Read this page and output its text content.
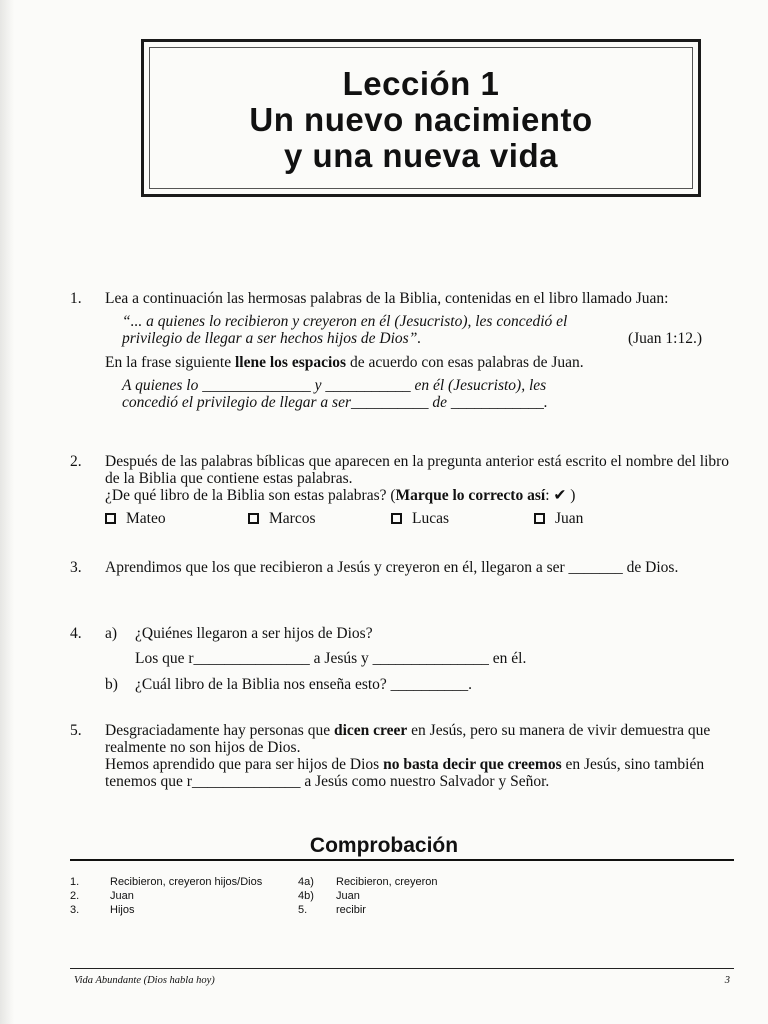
Lección 1
Un nuevo nacimiento
y una nueva vida
1. Lea a continuación las hermosas palabras de la Biblia, contenidas en el libro llamado Juan:

“... a quienes lo recibieron y creyeron en él (Jesucristo), les concedió el

privilegio de llegar a ser hechos hijos de Dios”.	(Juan 1:12.)

En la frase siguiente llene los espacios de acuerdo con esas palabras de Juan.

A quienes lo ______________ y ___________ en él (Jesucristo), les

concedió el privilegio de llegar a ser__________ de ____________.

2. Después de las palabras bíblicas que aparecen en la pregunta anterior está escrito el nombre del libro de la Biblia que contiene estas palabras.

¿De qué libro de la Biblia son estas palabras? (Marque lo correcto así: ✔ )

Mateo	Marcos	Lucas	Juan
3. Aprendimos que los que recibieron a Jesús y creyeron en él, llegaron a ser _______ de Dios.

4. a) ¿Quiénes llegaron a ser hijos de Dios?
Los que r_______________ a Jesús y _______________ en él.
b) ¿Cuál libro de la Biblia nos enseña esto? __________.
5. Desgraciadamente hay personas que dicen creer en Jesús, pero su manera de vivir demuestra que realmente no son hijos de Dios.

Hemos aprendido que para ser hijos de Dios no basta decir que creemos en Jesús, sino también tenemos que r______________ a Jesús como nuestro Salvador y Señor.

Comprobación
1.	Recibieron, creyeron hijos/Dios	4a)	Recibieron, creyeron
2.	Juan	4b)	Juan
3.	Hijos	5.	recibir
Vida Abundante (Dios habla hoy)	3
